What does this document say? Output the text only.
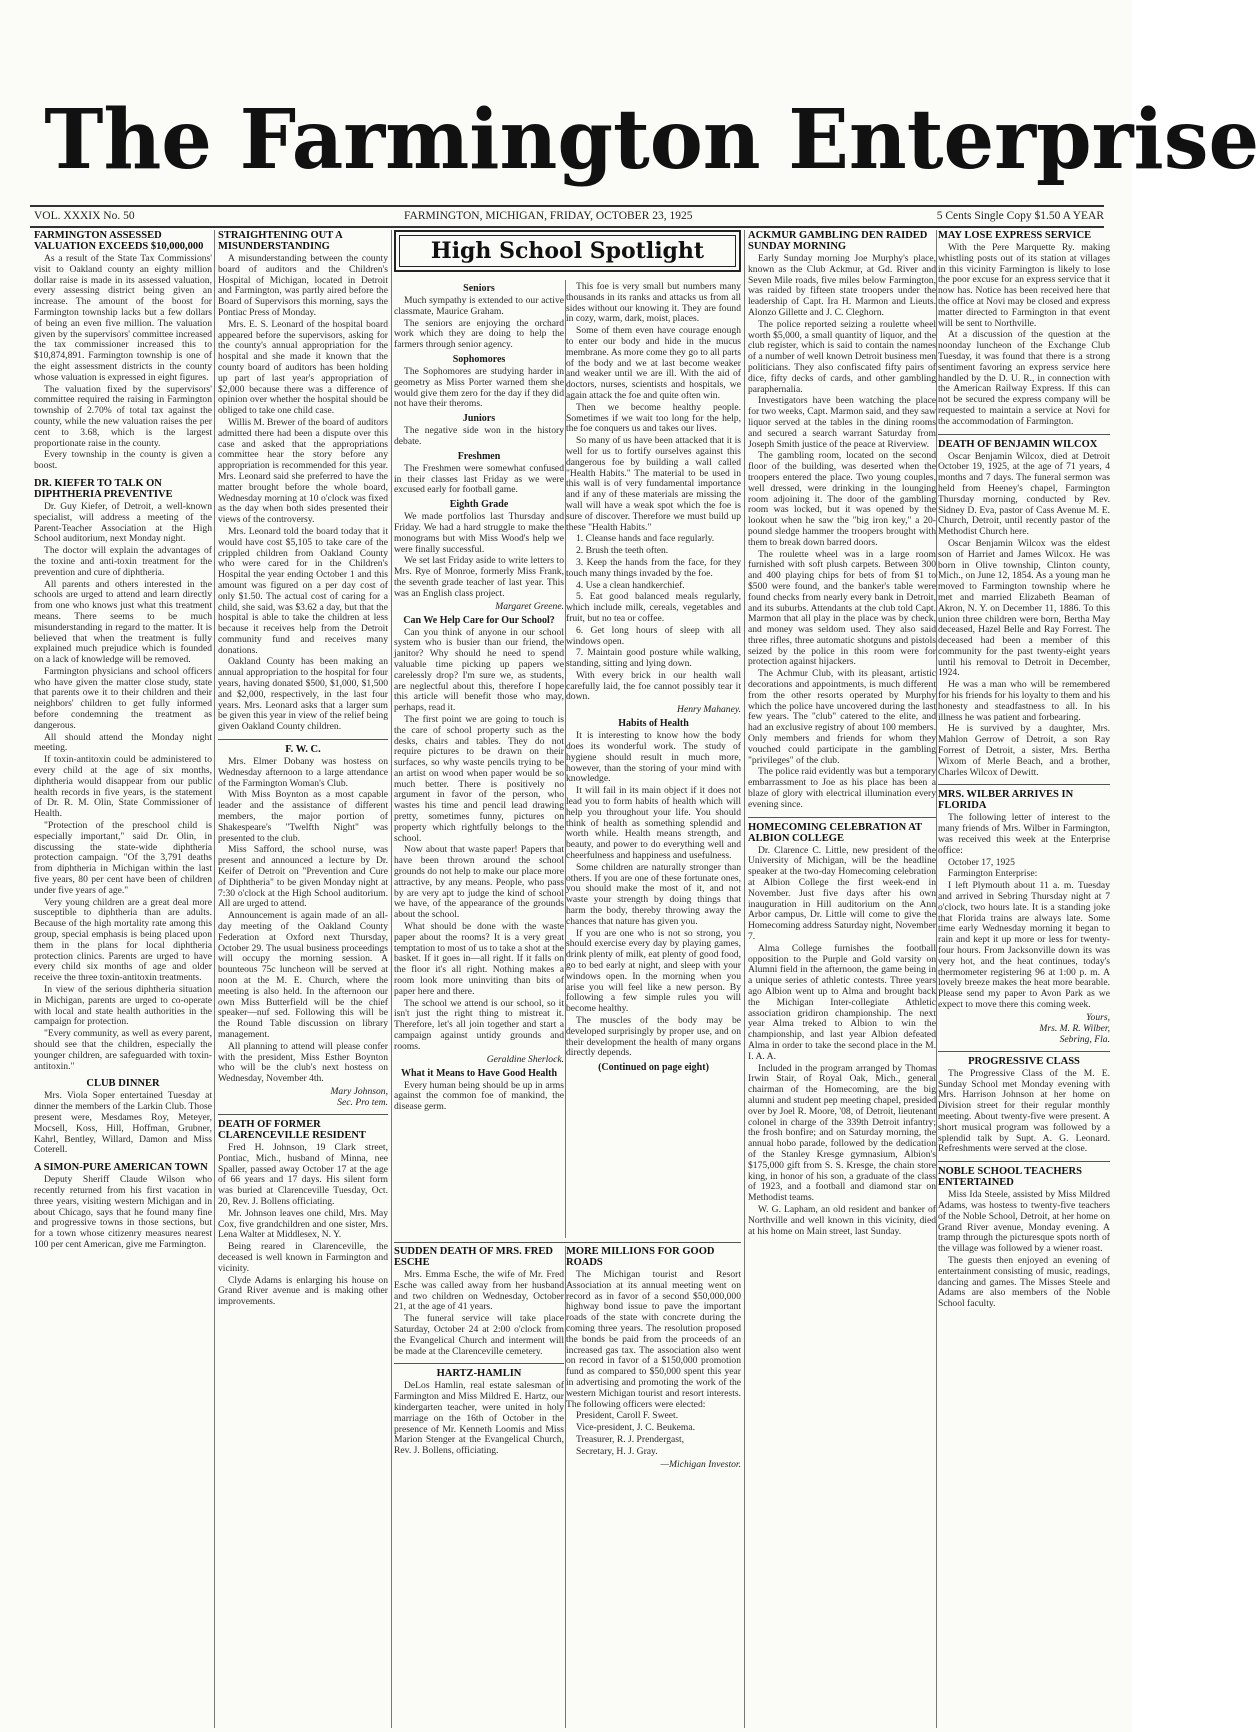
The Farmington Enterprise
VOL. XXXIX No. 50	FARMINGTON, MICHIGAN, FRIDAY, OCTOBER 23, 1925	5 Cents Single Copy $1.50 A YEAR
FARMINGTON ASSESSED VALUATION EXCEEDS $10,000,000

As a result of the State Tax Commissions' visit to Oakland county an eighty million dollar raise is made in its assessed valuation, every assessing district being given an increase. The amount of the boost for Farmington township lacks but a few dollars of being an even five million. The valuation given by the supervisors' committee increased the tax commissioner increased this to $10,874,891. Farmington township is one of the eight assessment districts in the county whose valuation is expressed in eight figures.

The valuation fixed by the supervisors' committee required the raising in Farmington township of 2.70% of total tax against the county, while the new valuation raises the per cent to 3.68, which is the largest proportionate raise in the county.

Every township in the county is given a boost.

DR. KIEFER TO TALK ON DIPHTHERIA PREVENTIVE

Dr. Guy Kiefer, of Detroit, a well-known specialist, will address a meeting of the Parent-Teacher Association at the High School auditorium, next Monday night.

The doctor will explain the advantages of the toxine and anti-toxin treatment for the prevention and cure of diphtheria.

All parents and others interested in the schools are urged to attend and learn directly from one who knows just what this treatment means. There seems to be much misunderstanding in regard to the matter. It is believed that when the treatment is fully explained much prejudice which is founded on a lack of knowledge will be removed.

Farmington physicians and school officers who have given the matter close study, state that parents owe it to their children and their neighbors' children to get fully informed before condemning the treatment as dangerous.

All should attend the Monday night meeting.

If toxin-antitoxin could be administered to every child at the age of six months, diphtheria would disappear from our public health records in five years, is the statement of Dr. R. M. Olin, State Commissioner of Health.

"Protection of the preschool child is especially important," said Dr. Olin, in discussing the state-wide diphtheria protection campaign. "Of the 3,791 deaths from diphtheria in Michigan within the last five years, 80 per cent have been of children under five years of age."

Very young children are a great deal more susceptible to diphtheria than are adults. Because of the high mortality rate among this group, special emphasis is being placed upon them in the plans for local diphtheria protection clinics. Parents are urged to have every child six months of age and older receive the three toxin-antitoxin treatments.

In view of the serious diphtheria situation in Michigan, parents are urged to co-operate with local and state health authorities in the campaign for protection.

"Every community, as well as every parent, should see that the children, especially the younger children, are safeguarded with toxin-antitoxin."

CLUB DINNER

Mrs. Viola Soper entertained Tuesday at dinner the members of the Larkin Club. Those present were, Mesdames Roy, Meteyer, Mocsell, Koss, Hill, Hoffman, Grubner, Kahrl, Bentley, Willard, Damon and Miss Coterell.

A SIMON-PURE AMERICAN TOWN

Deputy Sheriff Claude Wilson who recently returned from his first vacation in three years, visiting western Michigan and in about Chicago, says that he found many fine and progressive towns in those sections, but for a town whose citizenry measures nearest 100 per cent American, give me Farmington.

STRAIGHTENING OUT A MISUNDERSTANDING

A misunderstanding between the county board of auditors and the Children's Hospital of Michigan, located in Detroit and Farmington, was partly aired before the Board of Supervisors this morning, says the Pontiac Press of Monday.

Mrs. E. S. Leonard of the hospital board appeared before the supervisors, asking for the county's annual appropriation for the hospital and she made it known that the county board of auditors has been holding up part of last year's appropriation of $2,000 because there was a difference of opinion over whether the hospital should be obliged to take one child case.

Willis M. Brewer of the board of auditors admitted there had been a dispute over this case and asked that the appropriations committee hear the story before any appropriation is recommended for this year. Mrs. Leonard said she preferred to have the matter brought before the whole board, Wednesday morning at 10 o'clock was fixed as the day when both sides presented their views of the controversy.

Mrs. Leonard told the board today that it would have cost $5,105 to take care of the crippled children from Oakland County who were cared for in the Children's Hospital the year ending October 1 and this amount was figured on a per day cost of only $1.50. The actual cost of caring for a child, she said, was $3.62 a day, but that the hospital is able to take the children at less because it receives help from the Detroit community fund and receives many donations.

Oakland County has been making an annual appropriation to the hospital for four years, having donated $500, $1,000, $1,500 and $2,000, respectively, in the last four years. Mrs. Leonard asks that a larger sum be given this year in view of the relief being given Oakland County children.

F. W. C.

Mrs. Elmer Dobany was hostess on Wednesday afternoon to a large attendance of the Farmington Woman's Club.

With Miss Boynton as a most capable leader and the assistance of different members, the major portion of Shakespeare's "Twelfth Night" was presented to the club.

Miss Safford, the school nurse, was present and announced a lecture by Dr. Keifer of Detroit on "Prevention and Cure of Diphtheria" to be given Monday night at 7:30 o'clock at the High School auditorium. All are urged to attend.

Announcement is again made of an all-day meeting of the Oakland County Federation at Oxford next Thursday, October 29. The usual business proceedings will occupy the morning session. A bounteous 75c luncheon will be served at noon at the M. E. Church, where the meeting is also held. In the afternoon our own Miss Butterfield will be the chief speaker—nuf sed. Following this will be the Round Table discussion on library management.

All planning to attend will please confer with the president, Miss Esther Boynton who will be the club's next hostess on Wednesday, November 4th.

Mary Johnson,
Sec. Pro tem.
DEATH OF FORMER CLARENCEVILLE RESIDENT

Fred H. Johnson, 19 Clark street, Pontiac, Mich., husband of Minna, nee Spaller, passed away October 17 at the age of 66 years and 17 days. His silent form was buried at Clarenceville Tuesday, Oct. 20, Rev. J. Bollens officiating.

Mr. Johnson leaves one child, Mrs. May Cox, five grandchildren and one sister, Mrs. Lena Walter at Middlesex, N. Y.

Being reared in Clarenceville, the deceased is well known in Farmington and vicinity.

Clyde Adams is enlarging his house on Grand River avenue and is making other improvements.

High School Spotlight
Seniors

Much sympathy is extended to our active classmate, Maurice Graham.

The seniors are enjoying the orchard work which they are doing to help the farmers through senior agency.

Sophomores

The Sophomores are studying harder in geometry as Miss Porter warned them she would give them zero for the day if they did not have their theroms.

Juniors

The negative side won in the history debate.

Freshmen

The Freshmen were somewhat confused in their classes last Friday as we were excused early for football game.

Eighth Grade

We made portfolios last Thursday and Friday. We had a hard struggle to make the monograms but with Miss Wood's help we were finally successful.

We set last Friday aside to write letters to Mrs. Rye of Monroe, formerly Miss Frank, the seventh grade teacher of last year. This was an English class project.

Margaret Greene.
Can We Help Care for Our School?

Can you think of anyone in our school system who is busier than our friend, the janitor? Why should he need to spend valuable time picking up papers we carelessly drop? I'm sure we, as students, are neglectful about this, therefore I hope this article will benefit those who may, perhaps, read it.

The first point we are going to touch is the care of school property such as the desks, chairs and tables. They do not require pictures to be drawn on their surfaces, so why waste pencils trying to be an artist on wood when paper would be so much better. There is positively no argument in favor of the person, who wastes his time and pencil lead drawing pretty, sometimes funny, pictures on property which rightfully belongs to the school.

Now about that waste paper! Papers that have been thrown around the school grounds do not help to make our place more attractive, by any means. People, who pass by are very apt to judge the kind of school we have, of the appearance of the grounds about the school.

What should be done with the waste paper about the rooms? It is a very great temptation to most of us to take a shot at the basket. If it goes in—all right. If it falls on the floor it's all right. Nothing makes a room look more uninviting than bits of paper here and there.

The school we attend is our school, so it isn't just the right thing to mistreat it. Therefore, let's all join together and start a campaign against untidy grounds and rooms.

Geraldine Sherlock.
What it Means to Have Good Health

Every human being should be up in arms against the common foe of mankind, the disease germ.

This foe is very small but numbers many thousands in its ranks and attacks us from all sides without our knowing it. They are found in cozy, warm, dark, moist, places.

Some of them even have courage enough to enter our body and hide in the mucus membrane. As more come they go to all parts of the body and we at last become weaker and weaker until we are ill. With the aid of doctors, nurses, scientists and hospitals, we again attack the foe and quite often win.

Then we become healthy people. Sometimes if we wait too long for the help, the foe conquers us and takes our lives.

So many of us have been attacked that it is well for us to fortify ourselves against this dangerous foe by building a wall called "Health Habits." The material to be used in this wall is of very fundamental importance and if any of these materials are missing the wall will have a weak spot which the foe is sure of discover. Therefore we must build up these "Health Habits."

1. Cleanse hands and face regularly.

2. Brush the teeth often.

3. Keep the hands from the face, for they touch many things invaded by the foe.

4. Use a clean handkerchief.

5. Eat good balanced meals regularly, which include milk, cereals, vegetables and fruit, but no tea or coffee.

6. Get long hours of sleep with all windows open.

7. Maintain good posture while walking, standing, sitting and lying down.

With every brick in our health wall carefully laid, the foe cannot possibly tear it down.

Henry Mahaney.
Habits of Health

It is interesting to know how the body does its wonderful work. The study of hygiene should result in much more, however, than the storing of your mind with knowledge.

It will fail in its main object if it does not lead you to form habits of health which will help you throughout your life. You should think of health as something splendid and worth while. Health means strength, and beauty, and power to do everything well and cheerfulness and happiness and usefulness.

Some children are naturally stronger than others. If you are one of these fortunate ones, you should make the most of it, and not waste your strength by doing things that harm the body, thereby throwing away the chances that nature has given you.

If you are one who is not so strong, you should exercise every day by playing games, drink plenty of milk, eat plenty of good food, go to bed early at night, and sleep with your windows open. In the morning when you arise you will feel like a new person. By following a few simple rules you will become healthy.

The muscles of the body may be developed surprisingly by proper use, and on their development the health of many organs directly depends.

(Continued on page eight)
SUDDEN DEATH OF MRS. FRED ESCHE

Mrs. Emma Esche, the wife of Mr. Fred Esche was called away from her husband and two children on Wednesday, October 21, at the age of 41 years.

The funeral service will take place Saturday, October 24 at 2:00 o'clock from the Evangelical Church and interment will be made at the Clarenceville cemetery.

HARTZ-HAMLIN

DeLos Hamlin, real estate salesman of Farmington and Miss Mildred E. Hartz, our kindergarten teacher, were united in holy marriage on the 16th of October in the presence of Mr. Kenneth Loomis and Miss Marion Stenger at the Evangelical Church, Rev. J. Bollens, officiating.

MORE MILLIONS FOR GOOD ROADS

The Michigan tourist and Resort Association at its annual meeting went on record as in favor of a second $50,000,000 highway bond issue to pave the important roads of the state with concrete during the coming three years. The resolution proposed the bonds be paid from the proceeds of an increased gas tax. The association also went on record in favor of a $150,000 promotion fund as compared to $50,000 spent this year in advertising and promoting the work of the western Michigan tourist and resort interests. The following officers were elected:

President, Caroll F. Sweet.

Vice-president, J. C. Beukema.

Treasurer, R. J. Prendergast,

Secretary, H. J. Gray.

—Michigan Investor.
ACKMUR GAMBLING DEN RAIDED SUNDAY MORNING

Early Sunday morning Joe Murphy's place, known as the Club Ackmur, at Gd. River and Seven Mile roads, five miles below Farmington, was raided by fifteen state troopers under the leadership of Capt. Ira H. Marmon and Lieuts. Alonzo Gillette and J. C. Cleghorn.

The police reported seizing a roulette wheel worth $5,000, a small quantity of liquor, and the club register, which is said to contain the names of a number of well known Detroit business men politicians. They also confiscated fifty pairs of dice, fifty decks of cards, and other gambling paraphernalia.

Investigators have been watching the place for two weeks, Capt. Marmon said, and they saw liquor served at the tables in the dining rooms and secured a search warrant Saturday from Joseph Smith justice of the peace at Riverview.

The gambling room, located on the second floor of the building, was deserted when the troopers entered the place. Two young couples, well dressed, were drinking in the lounging room adjoining it. The door of the gambling room was locked, but it was opened by the lookout when he saw the "big iron key," a 20-pound sledge hammer the troopers brought with them to break down barred doors.

The roulette wheel was in a large room furnished with soft plush carpets. Between 300 and 400 playing chips for bets of from $1 to $500 were found, and the banker's table were found checks from nearly every bank in Detroit, and its suburbs. Attendants at the club told Capt. Marmon that all play in the place was by check, and money was seldom used. They also said three rifles, three automatic shotguns and pistols seized by the police in this room were for protection against hijackers.

The Achmur Club, with its pleasant, artistic decorations and appointments, is much different from the other resorts operated by Murphy which the police have uncovered during the last few years. The "club" catered to the elite, and had an exclusive registry of about 100 members. Only members and friends for whom they vouched could participate in the gambling "privileges" of the club.

The police raid evidently was but a temporary embarrassment to Joe as his place has been a blaze of glory with electrical illumination every evening since.

HOMECOMING CELEBRATION AT ALBION COLLEGE

Dr. Clarence C. Little, new president of the University of Michigan, will be the headline speaker at the two-day Homecoming celebration at Albion College the first week-end in November. Just five days after his own inauguration in Hill auditorium on the Ann Arbor campus, Dr. Little will come to give the Homecoming address Saturday night, November 7.

Alma College furnishes the football opposition to the Purple and Gold varsity on Alumni field in the afternoon, the game being in a unique series of athletic contests. Three years ago Albion went up to Alma and brought back the Michigan Inter-collegiate Athletic association gridiron championship. The next year Alma treked to Albion to win the championship, and last year Albion defeated Alma in order to take the second place in the M. I. A. A.

Included in the program arranged by Thomas Irwin Stair, of Royal Oak, Mich., general chairman of the Homecoming, are the big alumni and student pep meeting chapel, presided over by Joel R. Moore, '08, of Detroit, lieutenant colonel in charge of the 339th Detroit infantry; the frosh bonfire; and on Saturday morning, the annual hobo parade, followed by the dedication of the Stanley Kresge gymnasium, Albion's $175,000 gift from S. S. Kresge, the chain store king, in honor of his son, a graduate of the class of 1923, and a football and diamond star on Methodist teams.

W. G. Lapham, an old resident and banker of Northville and well known in this vicinity, died at his home on Main street, last Sunday.

MAY LOSE EXPRESS SERVICE

With the Pere Marquette Ry. making whistling posts out of its station at villages in this vicinity Farmington is likely to lose the poor excuse for an express service that it now has. Notice has been received here that the office at Novi may be closed and express matter directed to Farmington in that event will be sent to Northville.

At a discussion of the question at the noonday luncheon of the Exchange Club Tuesday, it was found that there is a strong sentiment favoring an express service here handled by the D. U. R., in connection with the American Railway Express. If this can not be secured the express company will be requested to maintain a service at Novi for the accommodation of Farmington.

DEATH OF BENJAMIN WILCOX

Oscar Benjamin Wilcox, died at Detroit October 19, 1925, at the age of 71 years, 4 months and 7 days. The funeral sermon was held from Heeney's chapel, Farmington Thursday morning, conducted by Rev. Sidney D. Eva, pastor of Cass Avenue M. E. Church, Detroit, until recently pastor of the Methodist Church here.

Oscar Benjamin Wilcox was the eldest son of Harriet and James Wilcox. He was born in Olive township, Clinton county, Mich., on June 12, 1854. As a young man he moved to Farmington township where he met and married Elizabeth Beaman of Akron, N. Y. on December 11, 1886. To this union three children were born, Bertha May deceased, Hazel Belle and Ray Forrest. The deceased had been a member of this community for the past twenty-eight years until his removal to Detroit in December, 1924.

He was a man who will be remembered for his friends for his loyalty to them and his honesty and steadfastness to all. In his illness he was patient and forbearing.

He is survived by a daughter, Mrs. Mahlon Gerrow of Detroit, a son Ray Forrest of Detroit, a sister, Mrs. Bertha Wixom of Merle Beach, and a brother, Charles Wilcox of Dewitt.

MRS. WILBER ARRIVES IN FLORIDA

The following letter of interest to the many friends of Mrs. Wilber in Farmington, was received this week at the Enterprise office:

October 17, 1925

Farmington Enterprise:

I left Plymouth about 11 a. m. Tuesday and arrived in Sebring Thursday night at 7 o'clock, two hours late. It is a standing joke that Florida trains are always late. Some time early Wednesday morning it began to rain and kept it up more or less for twenty-four hours. From Jacksonville down its was very hot, and the heat continues, today's thermometer registering 96 at 1:00 p. m. A lovely breeze makes the heat more bearable. Please send my paper to Avon Park as we expect to move there this coming week.

Yours,
Mrs. M. R. Wilber,
Sebring, Fla.
PROGRESSIVE CLASS

The Progressive Class of the M. E. Sunday School met Monday evening with Mrs. Harrison Johnson at her home on Division street for their regular monthly meeting. About twenty-five were present. A short musical program was followed by a splendid talk by Supt. A. G. Leonard. Refreshments were served at the close.

NOBLE SCHOOL TEACHERS ENTERTAINED

Miss Ida Steele, assisted by Miss Mildred Adams, was hostess to twenty-five teachers of the Noble School, Detroit, at her home on Grand River avenue, Monday evening. A tramp through the picturesque spots north of the village was followed by a wiener roast.

The guests then enjoyed an evening of entertainment consisting of music, readings, dancing and games. The Misses Steele and Adams are also members of the Noble School faculty.
